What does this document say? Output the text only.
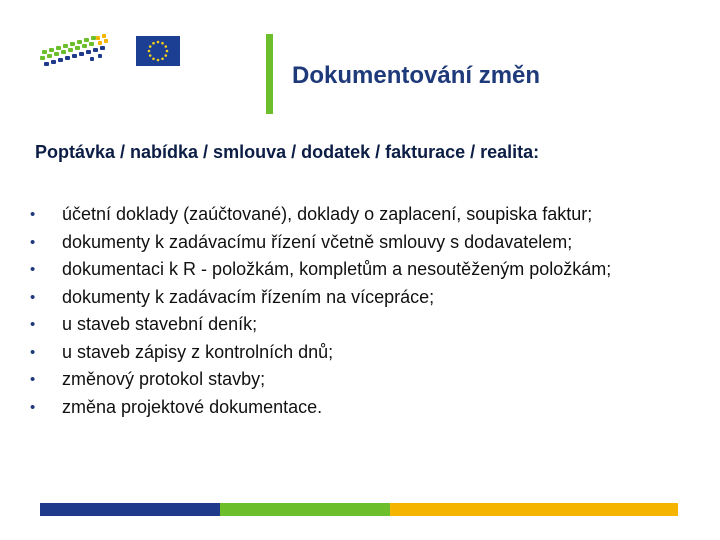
Dokumentování změn
Poptávka / nabídka / smlouva / dodatek / fakturace / realita:
• účetní doklady (zaúčtované), doklady o zaplacení, soupiska faktur;
• dokumenty k zadávacímu řízení včetně smlouvy s dodavatelem;
• dokumentaci k R - položkám, kompletům a nesoutěženým položkám;
• dokumenty k zadávacím řízením na vícepráce;
• u staveb stavební deník;
• u staveb zápisy z kontrolních dnů;
• změnový protokol stavby;
• změna projektové dokumentace.
